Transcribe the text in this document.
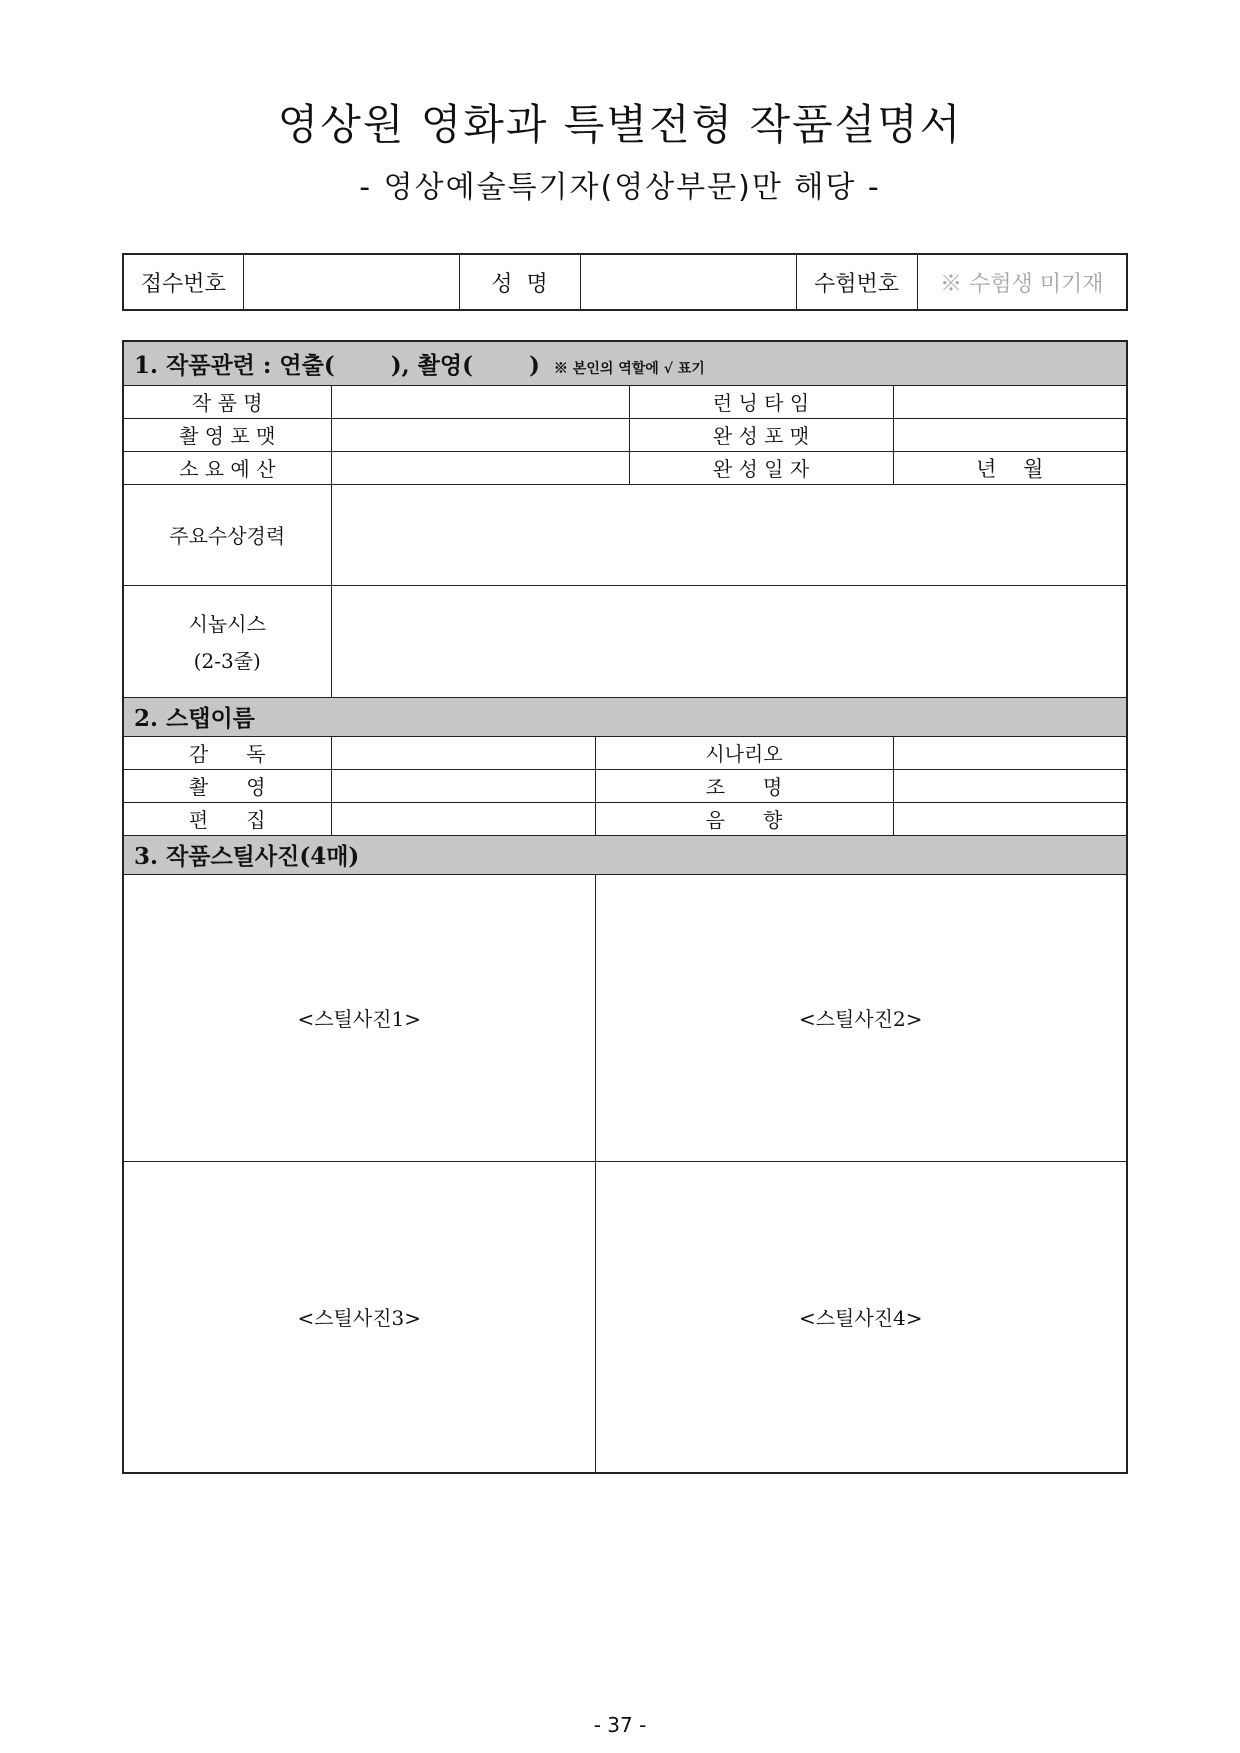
영상원 영화과 특별전형 작품설명서
- 영상예술특기자(영상부문)만 해당 -
접수번호		성  명		수험번호	※ 수험생 미기재
1. 작품관련 : 연출(       ), 촬영(       ) ※ 본인의 역할에 √ 표기				
작 품 명			런 닝 타 임	
촬 영 포 맷			완 성 포 맷	
소 요 예 산			완 성 일 자	년    월
주요수상경력				

시놉시스
(2-3줄)				

2. 스탭이름				
감      독		시나리오		
촬      영		조      명		
편      집		음      향		
3. 작품스틸사진(4매)				
<스틸사진1>		<스틸사진2>		
<스틸사진3>		<스틸사진4>		
- 37 -
